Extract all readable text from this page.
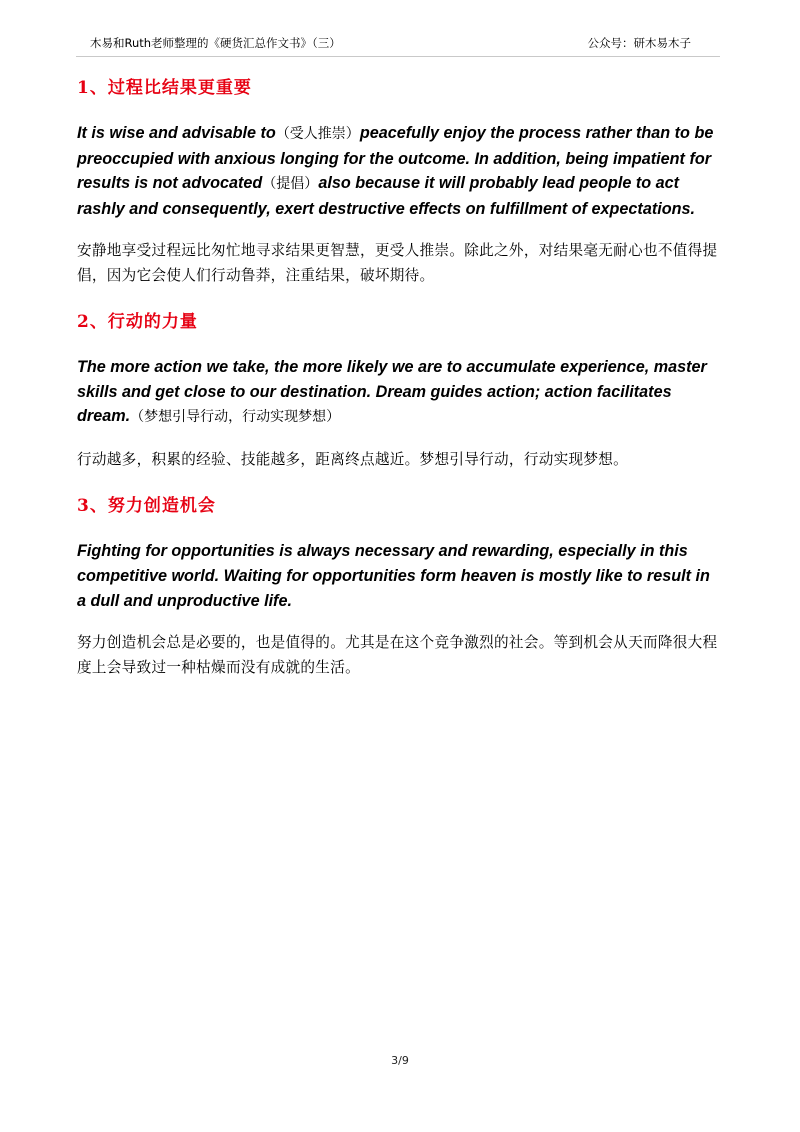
木易和Ruth老师整理的《硬货汇总作文书》（三）	公众号：研木易木子
1、过程比结果更重要

It is wise and advisable to（受人推崇）peacefully enjoy the process rather than to be preoccupied with anxious longing for the outcome. In addition, being impatient for results is not advocated（提倡）also because it will probably lead people to act rashly and consequently, exert destructive effects on fulfillment of expectations.

安静地享受过程远比匆忙地寻求结果更智慧，更受人推崇。除此之外，对结果毫无耐心也不值得提倡，因为它会使人们行动鲁莽，注重结果，破坏期待。

2、行动的力量

The more action we take, the more likely we are to accumulate experience, master skills and get close to our destination. Dream guides action; action facilitates dream.（梦想引导行动，行动实现梦想）

行动越多，积累的经验、技能越多，距离终点越近。梦想引导行动，行动实现梦想。

3、努力创造机会

Fighting for opportunities is always necessary and rewarding, especially in this competitive world. Waiting for opportunities form heaven is mostly like to result in a dull and unproductive life.

努力创造机会总是必要的，也是值得的。尤其是在这个竞争激烈的社会。等到机会从天而降很大程度上会导致过一种枯燥而没有成就的生活。

3/9
